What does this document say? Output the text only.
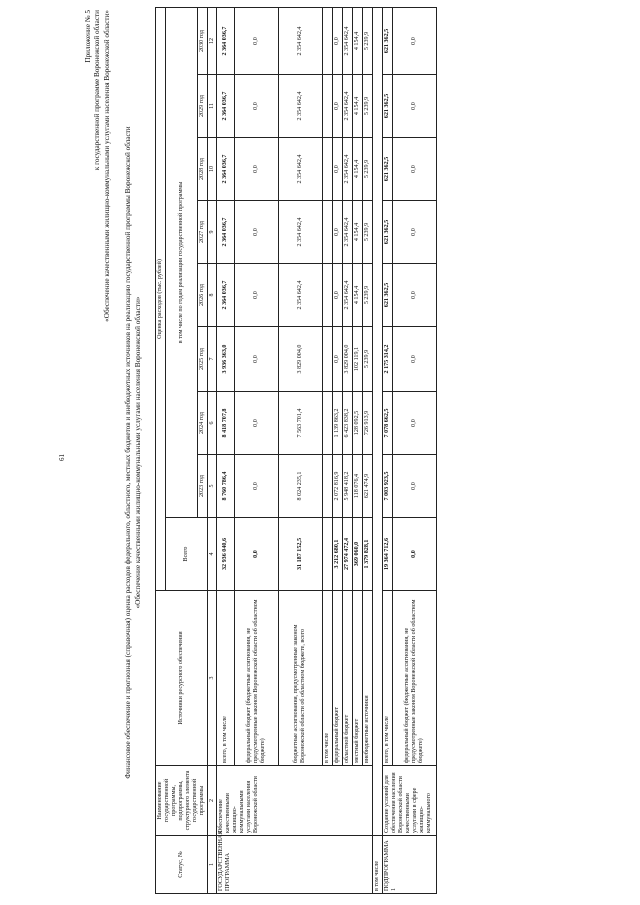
61
Приложение № 5 к государственной программе Воронежской области «Обеспечение качественными жилищно-коммунальными услугами населения Воронежской области» Финансовое обеспечение и прогнозная (справочная) оценка расходов федерального, областного, местных бюджетов и внебюджетных источников на реализацию государственной программы Воронежской области «Обеспечение качественными жилищно-коммунальными услугами населения Воронежской области»
Статус, №	Наименование государственной программы, подпрограммы, структурного элемента государственной программы	Источники ресурсного обеспечения	Оценка расходов (тыс. рублей)								
			Всего	в том числе по годам реализации государственной программы							
				2023 год	2024 год	2025 год	2026 год	2027 год	2028 год	2029 год	2030 год
1	2	3	4	5	6	7	8	9	10	11	12
ГОСУДАРСТВЕННАЯ ПРОГРАММА	Обеспечение качественными жилищно-коммунальными услугами населения Воронежской области	всего, в том числе	32 936 040,6	8 760 786,4	8 418 707,8	3 936 363,0	2 364 036,7	2 364 036,7	2 364 036,7	2 364 036,7	2 364 036,7
		федеральный бюджет (бюджетные ассигнования, не предусмотренные законом Воронежской области об областном бюджете)	0,0	0,0	0,0	0,0	0,0	0,0	0,0	0,0	0,0
		бюджетные ассигнования, предусмотренные законом Воронежской области об областном бюджете, всего	31 187 152,5	8 024 235,1	7 563 701,4	3 829 004,0	2 354 642,4	2 354 642,4	2 354 642,4	2 354 642,4	2 354 642,4
		в том числе									
		федеральный бюджет	3 212 680,1	2 072 816,9	1 139 863,2	0,0	0,0	0,0	0,0	0,0	0,0
		областной бюджет	27 974 472,4	5 948 418,2	6 423 838,2	3 829 004,0	2 354 642,4	2 354 642,4	2 354 642,4	2 354 642,4	2 354 642,4
		местный бюджет	369 060,0	118 076,4	128 092,5	102 119,1	4 154,4	4 154,4	4 154,4	4 154,4	4 154,4
		внебюджетные источники	1 379 828,1	621 474,9	726 913,9	5 239,9	5 239,9	5 239,9	5 239,9	5 239,9	5 239,9
в том числе											
ПОДПРОГРАММА 1	Создание условий для обеспечения населения Воронежской области качественными услугами в сфере жилищно-коммунального	всего, в том числе	19 364 712,6	7 003 923,5	7 078 662,5	2 175 314,2	621 362,5	621 362,5	621 362,5	621 362,5	621 362,5
		федеральный бюджет (бюджетные ассигнования, не предусмотренные законом Воронежской области об областном бюджете)	0,0	0,0	0,0	0,0	0,0	0,0	0,0	0,0	0,0
